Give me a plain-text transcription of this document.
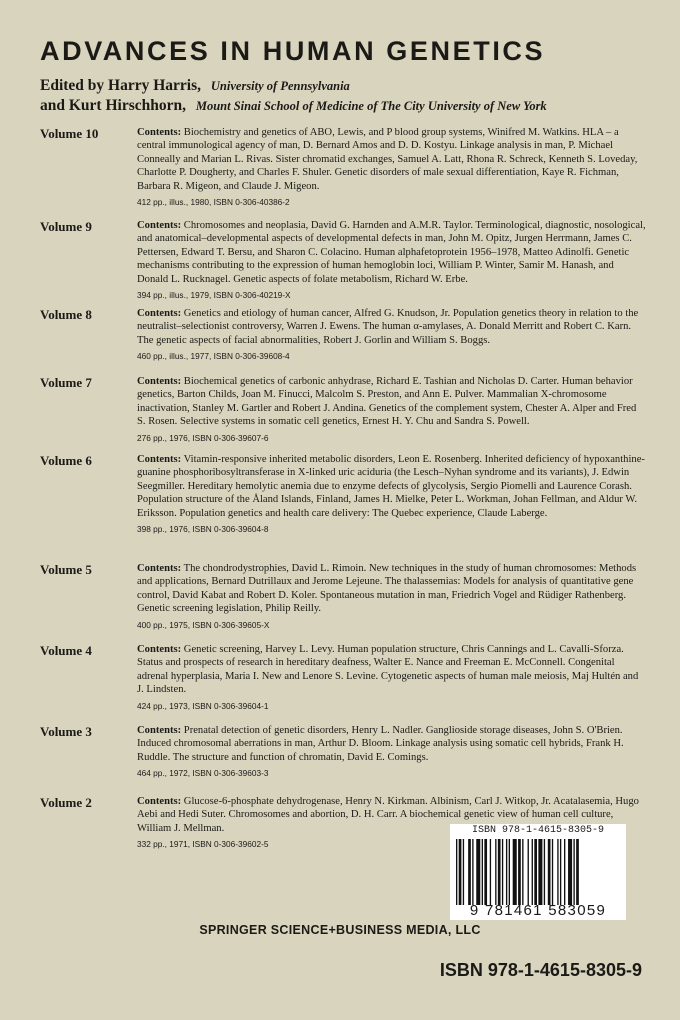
ADVANCES IN HUMAN GENETICS
Edited by Harry Harris, University of Pennsylvania
and Kurt Hirschhorn, Mount Sinai School of Medicine of The City University of New York
Volume 10	Contents: Biochemistry and genetics of ABO, Lewis, and P blood group systems, Winifred M. Watkins. HLA – a central immunological agency of man, D. Bernard Amos and D. D. Kostyu. Linkage analysis in man, P. Michael Conneally and Marian L. Rivas. Sister chromatid exchanges, Samuel A. Latt, Rhona R. Schreck, Kenneth S. Loveday, Charlotte P. Dougherty, and Charles F. Shuler. Genetic disorders of male sexual differentiation, Kaye R. Fichman, Barbara R. Migeon, and Claude J. Migeon.
412 pp., illus., 1980, ISBN 0-306-40386-2
Volume 9	Contents: Chromosomes and neoplasia, David G. Harnden and A.M.R. Taylor. Terminological, diagnostic, nosological, and anatomical–developmental aspects of developmental defects in man, John M. Opitz, Jurgen Herrmann, James C. Pettersen, Edward T. Bersu, and Sharon C. Colacino. Human alphafetoprotein 1956–1978, Matteo Adinolfi. Genetic mechanisms contributing to the expression of human hemoglobin loci, William P. Winter, Samir M. Hanash, and Donald L. Rucknagel. Genetic aspects of folate metabolism, Richard W. Erbe.
394 pp., illus., 1979, ISBN 0-306-40219-X
Volume 8	Contents: Genetics and etiology of human cancer, Alfred G. Knudson, Jr. Population genetics theory in relation to the neutralist–selectionist controversy, Warren J. Ewens. The human α-amylases, A. Donald Merritt and Robert C. Karn. The genetic aspects of facial abnormalities, Robert J. Gorlin and William S. Boggs.
460 pp., illus., 1977, ISBN 0-306-39608-4
Volume 7	Contents: Biochemical genetics of carbonic anhydrase, Richard E. Tashian and Nicholas D. Carter. Human behavior genetics, Barton Childs, Joan M. Finucci, Malcolm S. Preston, and Ann E. Pulver. Mammalian X-chromosome inactivation, Stanley M. Gartler and Robert J. Andina. Genetics of the complement system, Chester A. Alper and Fred S. Rosen. Selective systems in somatic cell genetics, Ernest H. Y. Chu and Sandra S. Powell.
276 pp., 1976, ISBN 0-306-39607-6
Volume 6	Contents: Vitamin-responsive inherited metabolic disorders, Leon E. Rosenberg. Inherited deficiency of hypoxanthine-guanine phosphoribosyltransferase in X-linked uric aciduria (the Lesch–Nyhan syndrome and its variants), J. Edwin Seegmiller. Hereditary hemolytic anemia due to enzyme defects of glycolysis, Sergio Piomelli and Laurence Corash. Population structure of the Åland Islands, Finland, James H. Mielke, Peter L. Workman, Johan Fellman, and Aldur W. Eriksson. Population genetics and health care delivery: The Quebec experience, Claude Laberge.
398 pp., 1976, ISBN 0-306-39604-8
Volume 5	Contents: The chondrodystrophies, David L. Rimoin. New techniques in the study of human chromosomes: Methods and applications, Bernard Dutrillaux and Jerome Lejeune. The thalassemias: Models for analysis of quantitative gene control, David Kabat and Robert D. Koler. Spontaneous mutation in man, Friedrich Vogel and Rüdiger Rathenberg. Genetic screening legislation, Philip Reilly.
400 pp., 1975, ISBN 0-306-39605-X
Volume 4	Contents: Genetic screening, Harvey L. Levy. Human population structure, Chris Cannings and L. Cavalli-Sforza. Status and prospects of research in hereditary deafness, Walter E. Nance and Freeman E. McConnell. Congenital adrenal hyperplasia, Maria I. New and Lenore S. Levine. Cytogenetic aspects of human male meiosis, Maj Hultén and J. Lindsten.
424 pp., 1973, ISBN 0-306-39604-1
Volume 3	Contents: Prenatal detection of genetic disorders, Henry L. Nadler. Ganglioside storage diseases, John S. O'Brien. Induced chromosomal aberrations in man, Arthur D. Bloom. Linkage analysis using somatic cell hybrids, Frank H. Ruddle. The structure and function of chromatin, David E. Comings.
464 pp., 1972, ISBN 0-306-39603-3
Volume 2	Contents: Glucose-6-phosphate dehydrogenase, Henry N. Kirkman. Albinism, Carl J. Witkop, Jr. Acatalasemia, Hugo Aebi and Hedi Suter. Chromosomes and abortion, D. H. Carr. A biochemical genetic view of human cell culture, William J. Mellman.
332 pp., 1971, ISBN 0-306-39602-5
ISBN 978-1-4615-8305-9
9 781461 583059
SPRINGER SCIENCE+BUSINESS MEDIA, LLC
ISBN 978-1-4615-8305-9
